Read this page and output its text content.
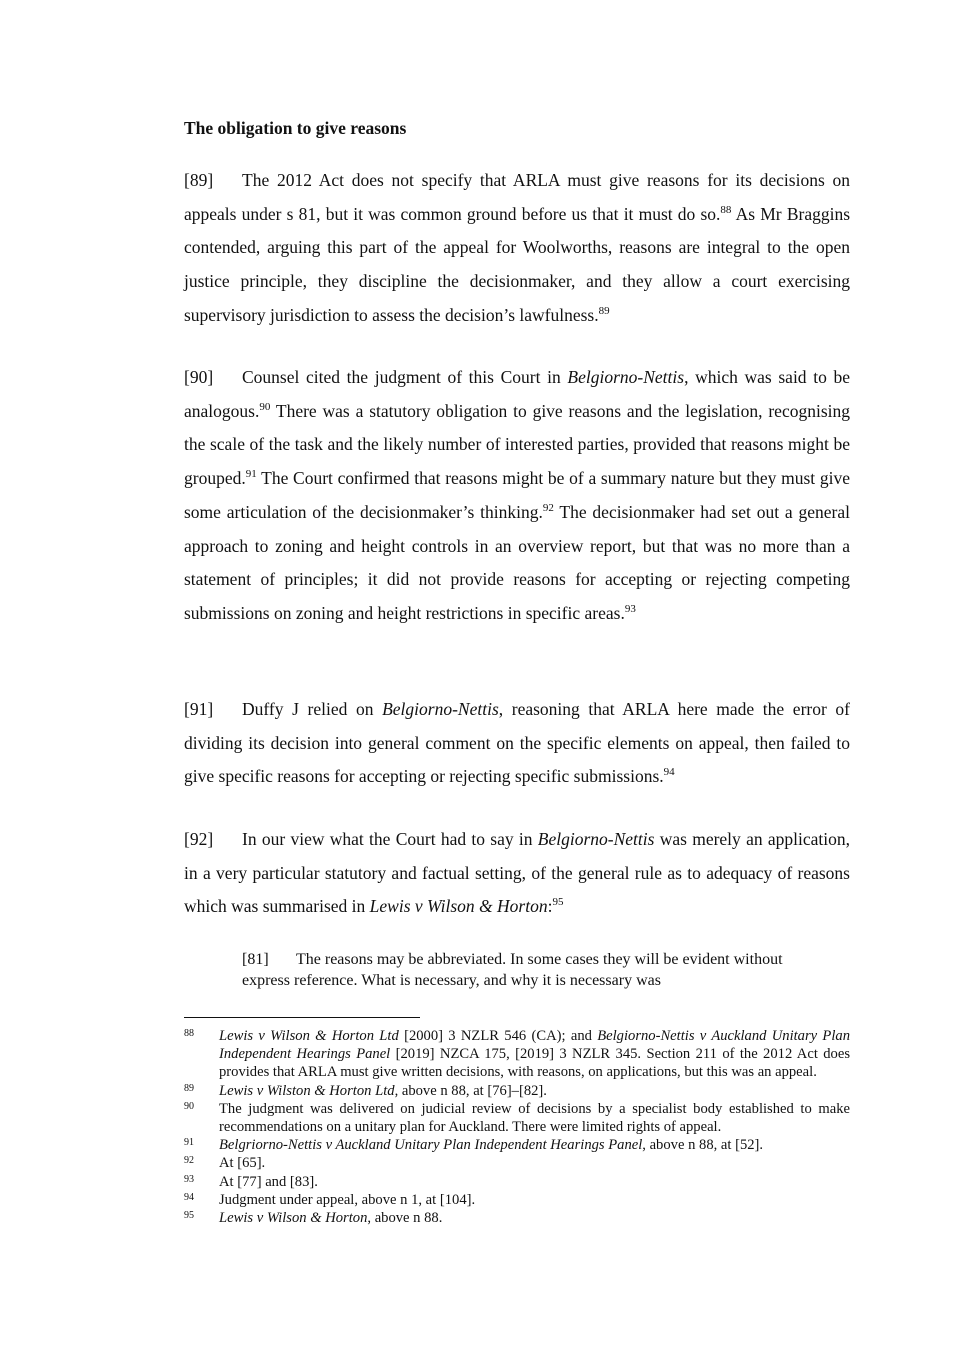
The obligation to give reasons

[89] The 2012 Act does not specify that ARLA must give reasons for its decisions on appeals under s 81, but it was common ground before us that it must do so.$^{88}$ As Mr Braggins contended, arguing this part of the appeal for Woolworths, reasons are integral to the open justice principle, they discipline the decisionmaker, and they allow a court exercising supervisory jurisdiction to assess the decision’s lawfulness.$^{89}$

[90] Counsel cited the judgment of this Court in Belgiorno-Nettis, which was said to be analogous.$^{90}$ There was a statutory obligation to give reasons and the legislation, recognising the scale of the task and the likely number of interested parties, provided that reasons might be grouped.$^{91}$ The Court confirmed that reasons might be of a summary nature but they must give some articulation of the decisionmaker’s thinking.$^{92}$ The decisionmaker had set out a general approach to zoning and height controls in an overview report, but that was no more than a statement of principles; it did not provide reasons for accepting or rejecting competing submissions on zoning and height restrictions in specific areas.$^{93}$

[91] Duffy J relied on Belgiorno-Nettis, reasoning that ARLA here made the error of dividing its decision into general comment on the specific elements on appeal, then failed to give specific reasons for accepting or rejecting specific submissions.$^{94}$

[92] In our view what the Court had to say in Belgiorno-Nettis was merely an application, in a very particular statutory and factual setting, of the general rule as to adequacy of reasons which was summarised in Lewis v Wilson & Horton:$^{95}$

[81] The reasons may be abbreviated. In some cases they will be evident without express reference. What is necessary, and why it is necessary was

88	Lewis v Wilson & Horton Ltd [2000] 3 NZLR 546 (CA); and Belgiorno-Nettis v Auckland Unitary Plan Independent Hearings Panel [2019] NZCA 175, [2019] 3 NZLR 345. Section 211 of the 2012 Act does provides that ARLA must give written decisions, with reasons, on applications, but this was an appeal.
89	Lewis v Wilston & Horton Ltd, above n 88, at [76]–[82].
90	The judgment was delivered on judicial review of decisions by a specialist body established to make recommendations on a unitary plan for Auckland. There were limited rights of appeal.
91	Belgriorno-Nettis v Auckland Unitary Plan Independent Hearings Panel, above n 88, at [52].
92	At [65].
93	At [77] and [83].
94	Judgment under appeal, above n 1, at [104].
95	Lewis v Wilson & Horton, above n 88.
